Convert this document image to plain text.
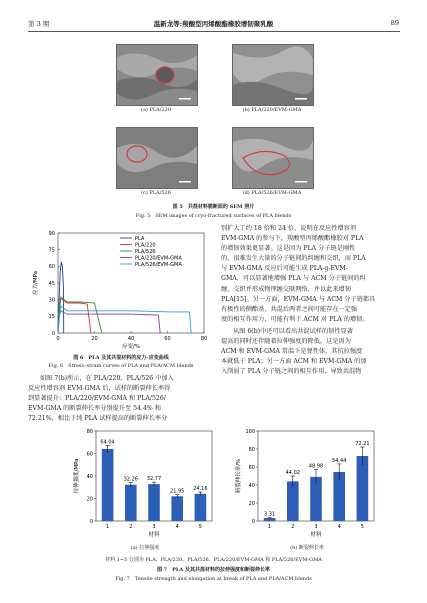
第 3 期	温新龙等:羧酸型丙烯酸酯橡胶增韧聚乳酸	89
(a) PLA/220	(b) PLA/220/EVM-GMA
(c) PLA/526	(d) PLA/526/EVM-GMA
图 5　共混材料脆断面的 SEM 照片
Fig. 5　SEM images of cryo-fractured surfaces of PLA blends
0	20	40	60	80
0
15
30
45
60
75
90
应变/%
应力/MPa
PLA
PLA/220
PLA/526
PLA/220/EVM-GMA
PLA/526/EVM-GMA
图 6　PLA 及其共混材料的应力–应变曲线
Fig. 6　Stress–strain curves of PLA and PLA/ACM blends
如图 7(b)所示，在 PLA/220、PLA/526 中加入
反应性增容剂 EVM-GMA 后，试样的断裂伸长率得
到显著提升：PLA/220/EVM-GMA 和 PLA/526/
EVM-GMA 的断裂伸长率分别提升至 54.4% 和
72.21%，相比于纯 PLA 试样提高的断裂伸长率分
别扩大了约 18 倍和 24 倍，说明在反应性增容剂
EVM-GMA 的参与下，羧酸型丙烯酸酯橡胶对 PLA
的增韧效果更显著。这是因为 PLA 分子链是刚性
的，很难发生大量的分子链间的纠缠和交织，而 PLA
与 EVM-GMA 反应后可能生成 PLA-g-EVM-
GMA，可以显著地增强 PLA 与 ACM 分子链间的纠
缠、交织并形成物理缠交联网络，并以此来增韧
PLA[15]。另一方面，EVM-GMA 与 ACM 分子链都具
有极性的侧酯基，共混后两者之间可能存在一定强
度的相互作用力，可能有利于 ACM 对 PLA 的增韧。
从图 6(b)中还可以看出共混试样的韧性显著
提高的同时还伴随着拉伸强度的降低。这是因为
ACM 和 EVM-GMA 常温下是弹性体，其抗拉强度
本就低于 PLA；另一方面 ACM 和 EVM-GMA 的加
入削弱了 PLA 分子链之间的相互作用，导致共混物
0
20
40
60
80
拉伸强度/MPa
64.04
1
32.26
2
32.77
3
21.95
4
24.16
5
材料
0
20
40
60
80
100
断裂伸长率/%
3.31
1
44.02
2
48.98
3
54.44
4
72.21
5
材料
(a) 拉伸强度	(b) 断裂伸长率
材料 1~5 分别为 PLA、PLA/220、PLA/526、PLA/220/EVM-GMA 和 PLA/526/EVM-GMA
图 7　PLA 及其共混材料的拉伸强度和断裂伸长率
Fig. 7　Tensile strength and elongation at break of PLA and PLA/ACM blends
